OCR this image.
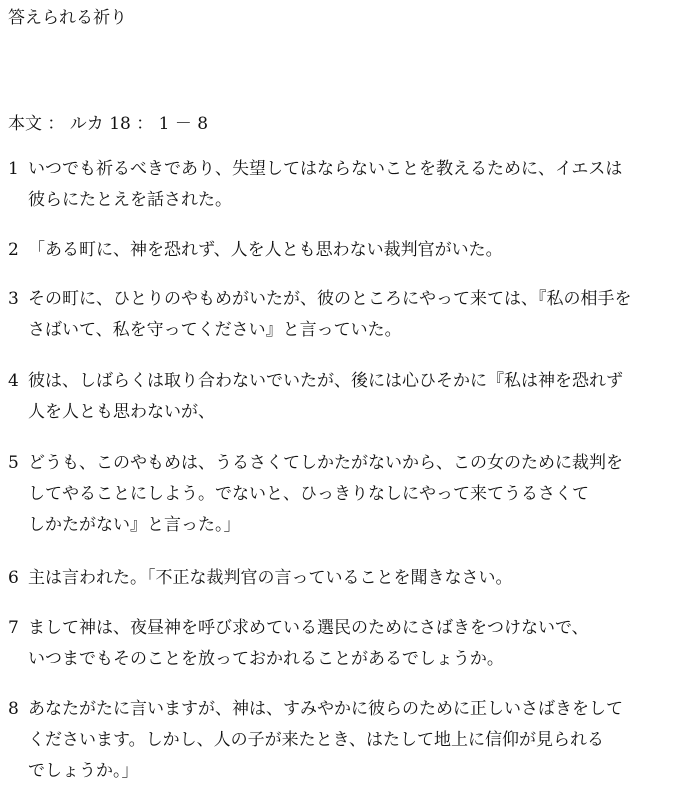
答えられる祈り
本文 ： ルカ 18 ： 1 － 8
1 いつでも祈るべきであり、失望してはならないことを教えるために、イエスは
彼らにたとえを話された。
2 「ある町に、神を恐れず、人を人とも思わない裁判官がいた。
3 その町に、ひとりのやもめがいたが、彼のところにやって来ては、『私の相手を
さばいて、私を守ってください』と言っていた。
4 彼は、しばらくは取り合わないでいたが、後には心ひそかに『私は神を恐れず
人を人とも思わないが、
5 どうも、このやもめは、うるさくてしかたがないから、この女のために裁判を
してやることにしよう。でないと、ひっきりなしにやって来てうるさくて
しかたがない』と言った。」
6 主は言われた。「不正な裁判官の言っていることを聞きなさい。
7 まして神は、夜昼神を呼び求めている選民のためにさばきをつけないで、
いつまでもそのことを放っておかれることがあるでしょうか。
8 あなたがたに言いますが、神は、すみやかに彼らのために正しいさばきをして
くださいます。しかし、人の子が来たとき、はたして地上に信仰が見られる
でしょうか。」
